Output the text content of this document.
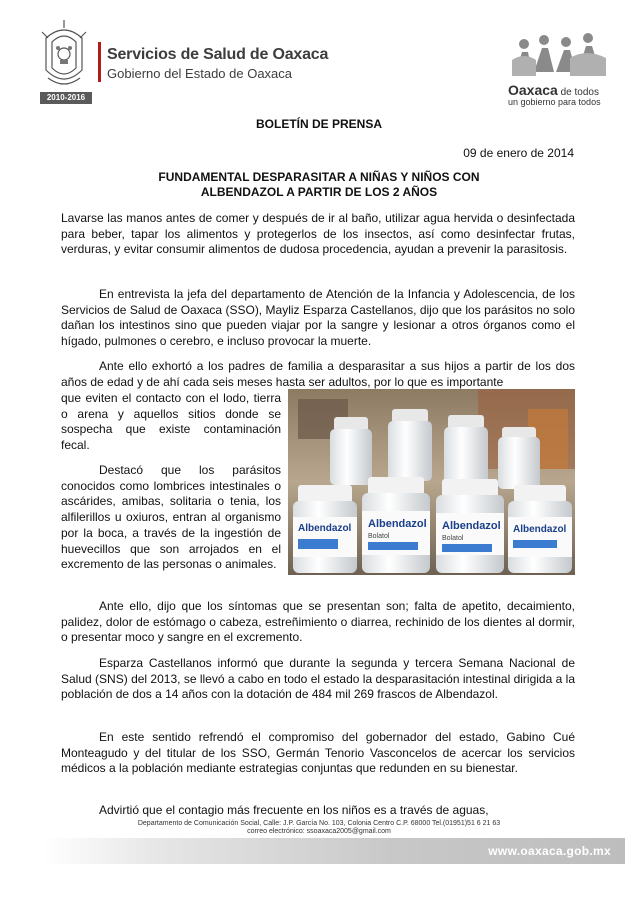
2010-2016
Servicios de Salud de Oaxaca
Gobierno del Estado de Oaxaca
Oaxaca de todos
un gobierno para todos
BOLETÍN DE PRENSA
09 de enero de 2014
FUNDAMENTAL DESPARASITAR A NIÑAS Y NIÑOS CON
ALBENDAZOL A PARTIR DE LOS 2 AÑOS

Lavarse las manos antes de comer y después de ir al baño, utilizar agua hervida o desinfectada para beber, tapar los alimentos y protegerlos de los insectos, así como desinfectar frutas, verduras, y evitar consumir alimentos de dudosa procedencia, ayudan a prevenir la parasitosis.

En entrevista la jefa del departamento de Atención de la Infancia y Adolescencia, de los Servicios de Salud de Oaxaca (SSO), Mayliz Esparza Castellanos, dijo que los parásitos no solo dañan los intestinos sino que pueden viajar por la sangre y lesionar a otros órganos como el hígado, pulmones o cerebro, e incluso provocar la muerte.

Ante ello exhortó a los padres de familia a desparasitar a sus hijos a partir de los dos años de edad y de ahí cada seis meses hasta ser adultos, por lo que es importante

que eviten el contacto con el lodo, tierra o arena y aquellos sitios donde se sospecha que existe contaminación fecal.

Destacó que los parásitos conocidos como lombrices intestinales o ascárides, amibas, solitaria o tenia, los alfilerillos u oxiuros, entran al organismo por la boca, a través de la ingestión de huevecillos que son arrojados en el excremento de las personas o animales.

Ante ello, dijo que los síntomas que se presentan son; falta de apetito, decaimiento, palidez, dolor de estómago o cabeza, estreñimiento o diarrea, rechinido de los dientes al dormir, o presentar moco y sangre en el excremento.

Esparza Castellanos informó que durante la segunda y tercera Semana Nacional de Salud (SNS) del 2013, se llevó a cabo en todo el estado la desparasitación intestinal dirigida a la población de dos a 14 años con la dotación de 484 mil 269 frascos de Albendazol.

En este sentido refrendó el compromiso del gobernador del estado, Gabino Cué Monteagudo y del titular de los SSO, Germán Tenorio Vasconcelos de acercar los servicios médicos a la población mediante estrategias conjuntas que redunden en su bienestar.

Advirtió que el contagio más frecuente en los niños es a través de aguas,

Albendazol Albendazol
Bolatol
Albendazol
Bolatol
Albendazol
Departamento de Comunicación Social, Calle: J.P. García No. 103, Colonia Centro C.P. 68000 Tel.(01951)51 6 21 63
correo electrónico: ssoaxaca2005@gmail.com
www.oaxaca.gob.mx
